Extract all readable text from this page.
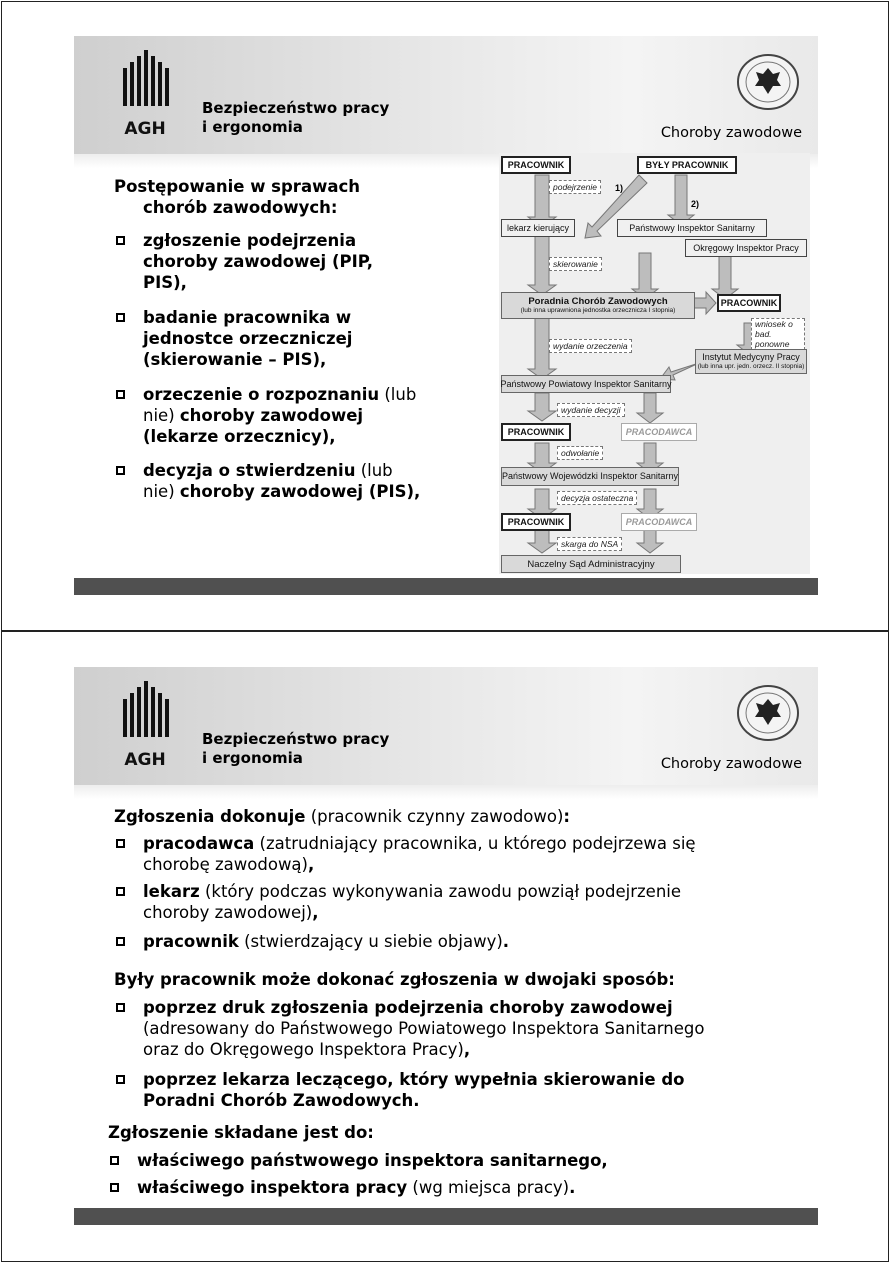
AGH
Bezpieczeństwo pracy
i ergonomia	Choroby zawodowe
Postępowanie w sprawach
chorób zawodowych:
zgłoszenie podejrzenia
choroby zawodowej (PIP,
PIS),
badanie pracownika w
jednostce orzeczniczej
(skierowanie – PIS),
orzeczenie o rozpoznaniu (lub
nie) choroby zawodowej
(lekarze orzecznicy),
decyzja o stwierdzeniu (lub
nie) choroby zawodowej (PIS),
PRACOWNIK	BYŁY PRACOWNIK
podejrzenie	1)
2)
lekarz kierujący	Państwowy Inspektor Sanitarny
Okręgowy Inspektor Pracy
skierowanie
Poradnia Chorób Zawodowych
(lub inna uprawniona jednostka orzecznicza I stopnia)
PRACOWNIK
wniosek o bad. ponowne
wydanie orzeczenia
Instytut Medycyny Pracy
(lub inna upr. jedn. orzecz. II stopnia)
Państwowy Powiatowy Inspektor Sanitarny
wydanie decyzji
PRACOWNIK	PRACODAWCA
odwołanie
Państwowy Wojewódzki Inspektor Sanitarny
decyzja ostateczna
PRACOWNIK	PRACODAWCA
skarga do NSA
Naczelny Sąd Administracyjny
AGH
Bezpieczeństwo pracy
i ergonomia	Choroby zawodowe
Zgłoszenia dokonuje (pracownik czynny zawodowo):
pracodawca (zatrudniający pracownika, u którego podejrzewa się
chorobę zawodową),
lekarz (który podczas wykonywania zawodu powziął podejrzenie
choroby zawodowej),
pracownik (stwierdzający u siebie objawy).
Były pracownik może dokonać zgłoszenia w dwojaki sposób:
poprzez druk zgłoszenia podejrzenia choroby zawodowej
(adresowany do Państwowego Powiatowego Inspektora Sanitarnego
oraz do Okręgowego Inspektora Pracy),
poprzez lekarza leczącego, który wypełnia skierowanie do
Poradni Chorób Zawodowych.
Zgłoszenie składane jest do:
właściwego państwowego inspektora sanitarnego,
właściwego inspektora pracy (wg miejsca pracy).
